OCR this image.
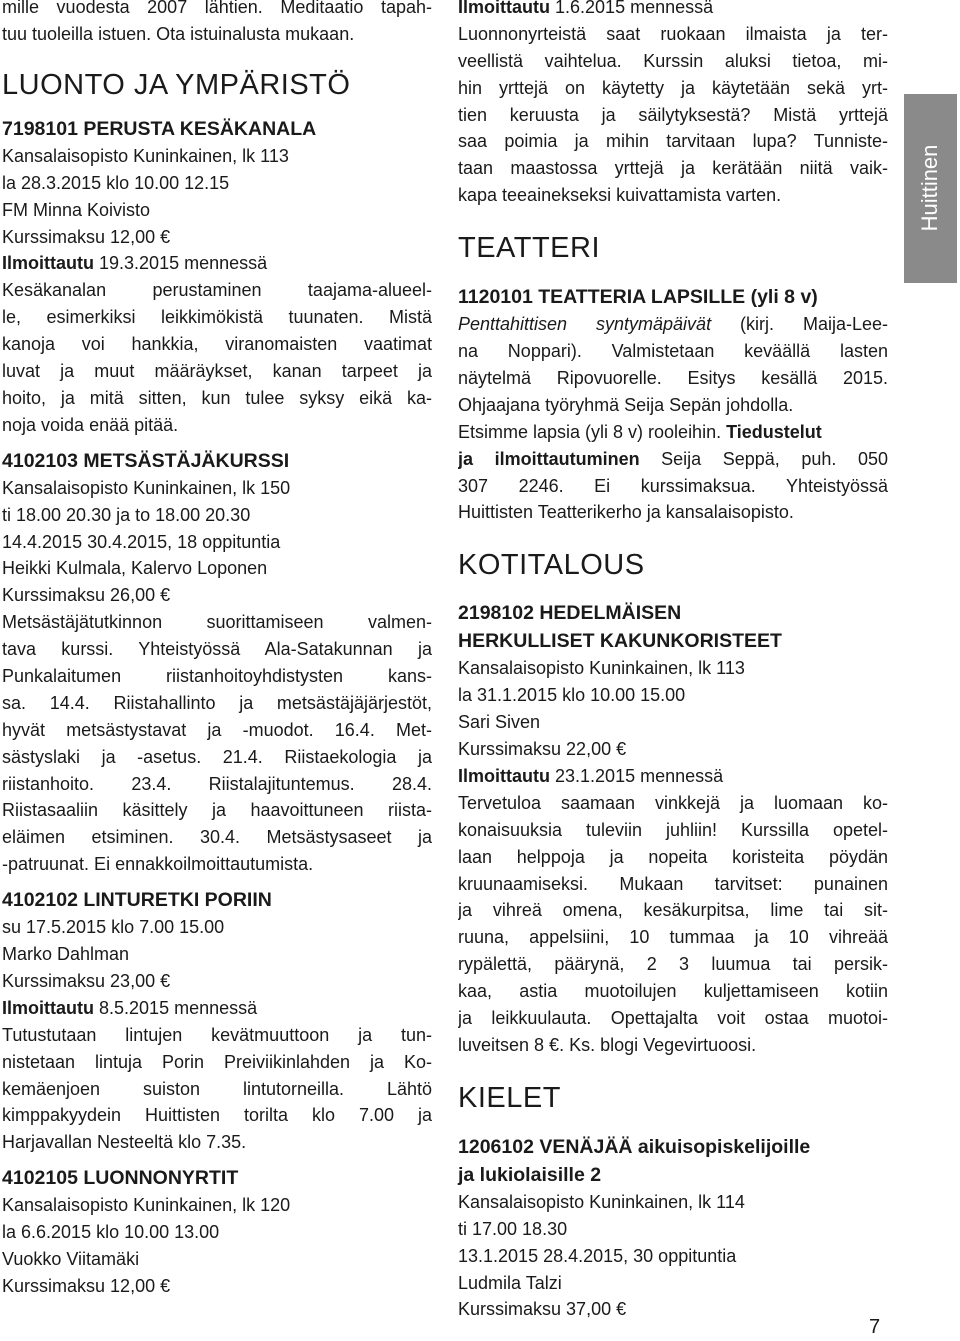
mille vuodesta 2007 lähtien. Meditaatio tapah-
tuu tuoleilla istuen. Ota istuinalusta mukaan.
LUONTO JA YMPÄRISTÖ
7198101 PERUSTA KESÄKANALA
Kansalaisopisto Kuninkainen, lk 113
la 28.3.2015 klo 10.00 12.15
FM Minna Koivisto
Kurssimaksu 12,00 €
Ilmoittautu 19.3.2015 mennessä
Kesäkanalan perustaminen taajama-alueel-
le, esimerkiksi leikkimökistä tuunaten. Mistä
kanoja voi hankkia, viranomaisten vaatimat
luvat ja muut määräykset, kanan tarpeet ja
hoito, ja mitä sitten, kun tulee syksy eikä ka-
noja voida enää pitää.
4102103 METSÄSTÄJÄKURSSI
Kansalaisopisto Kuninkainen, lk 150
ti 18.00 20.30 ja to 18.00 20.30
14.4.2015 30.4.2015, 18 oppituntia
Heikki Kulmala, Kalervo Loponen
Kurssimaksu 26,00 €
Metsästäjätutkinnon suorittamiseen valmen-
tava kurssi. Yhteistyössä Ala-Satakunnan ja
Punkalaitumen riistanhoitoyhdistysten kans-
sa. 14.4. Riistahallinto ja metsästäjäjärjestöt,
hyvät metsästystavat ja -muodot. 16.4. Met-
sästyslaki ja -asetus. 21.4. Riistaekologia ja
riistanhoito. 23.4. Riistalajituntemus. 28.4.
Riistasaaliin käsittely ja haavoittuneen riista-
eläimen etsiminen. 30.4. Metsästysaseet ja
-patruunat. Ei ennakkoilmoittautumista.
4102102 LINTURETKI PORIIN
su 17.5.2015 klo 7.00 15.00
Marko Dahlman
Kurssimaksu 23,00 €
Ilmoittautu 8.5.2015 mennessä
Tutustutaan lintujen kevätmuuttoon ja tun-
nistetaan lintuja Porin Preiviikinlahden ja Ko-
kemäenjoen suiston lintutorneilla. Lähtö
kimppakyydein Huittisten torilta klo 7.00 ja
Harjavallan Nesteeltä klo 7.35.
4102105 LUONNONYRTIT
Kansalaisopisto Kuninkainen, lk 120
la 6.6.2015 klo 10.00 13.00
Vuokko Viitamäki
Kurssimaksu 12,00 €
Ilmoittautu 1.6.2015 mennessä
Luonnonyrteistä saat ruokaan ilmaista ja ter-
veellistä vaihtelua. Kurssin aluksi tietoa, mi-
hin yrttejä on käytetty ja käytetään sekä yrt-
tien keruusta ja säilytyksestä? Mistä yrttejä
saa poimia ja mihin tarvitaan lupa? Tunniste-
taan maastossa yrttejä ja kerätään niitä vaik-
kapa teeainekseksi kuivattamista varten.
TEATTERI
1120101 TEATTERIA LAPSILLE (yli 8 v)
Penttahittisen syntymäpäivät (kirj. Maija-Lee-
na Noppari). Valmistetaan keväällä lasten
näytelmä Ripovuorelle. Esitys kesällä 2015.
Ohjaajana työryhmä Seija Sepän johdolla.
Etsimme lapsia (yli 8 v) rooleihin. Tiedustelut
ja ilmoittautuminen Seija Seppä, puh. 050
307 2246. Ei kurssimaksua. Yhteistyössä
Huittisten Teatterikerho ja kansalaisopisto.
KOTITALOUS
2198102 HEDELMÄISEN
HERKULLISET KAKUNKORISTEET
Kansalaisopisto Kuninkainen, lk 113
la 31.1.2015 klo 10.00 15.00
Sari Siven
Kurssimaksu 22,00 €
Ilmoittautu 23.1.2015 mennessä
Tervetuloa saamaan vinkkejä ja luomaan ko-
konaisuuksia tuleviin juhliin! Kurssilla opetel-
laan helppoja ja nopeita koristeita pöydän
kruunaamiseksi. Mukaan tarvitset: punainen
ja vihreä omena, kesäkurpitsa, lime tai sit-
ruuna, appelsiini, 10 tummaa ja 10 vihreää
rypälettä, päärynä, 2 3 luumua tai persik-
kaa, astia muotoilujen kuljettamiseen kotiin
ja leikkuulauta. Opettajalta voit ostaa muotoi-
luveitsen 8 €. Ks. blogi Vegevirtuoosi.
KIELET
1206102 VENÄJÄÄ aikuisopiskelijoille
ja lukiolaisille 2
Kansalaisopisto Kuninkainen, lk 114
ti 17.00 18.30
13.1.2015 28.4.2015, 30 oppituntia
Ludmila Talzi
Kurssimaksu 37,00 €
Huittinen
7
